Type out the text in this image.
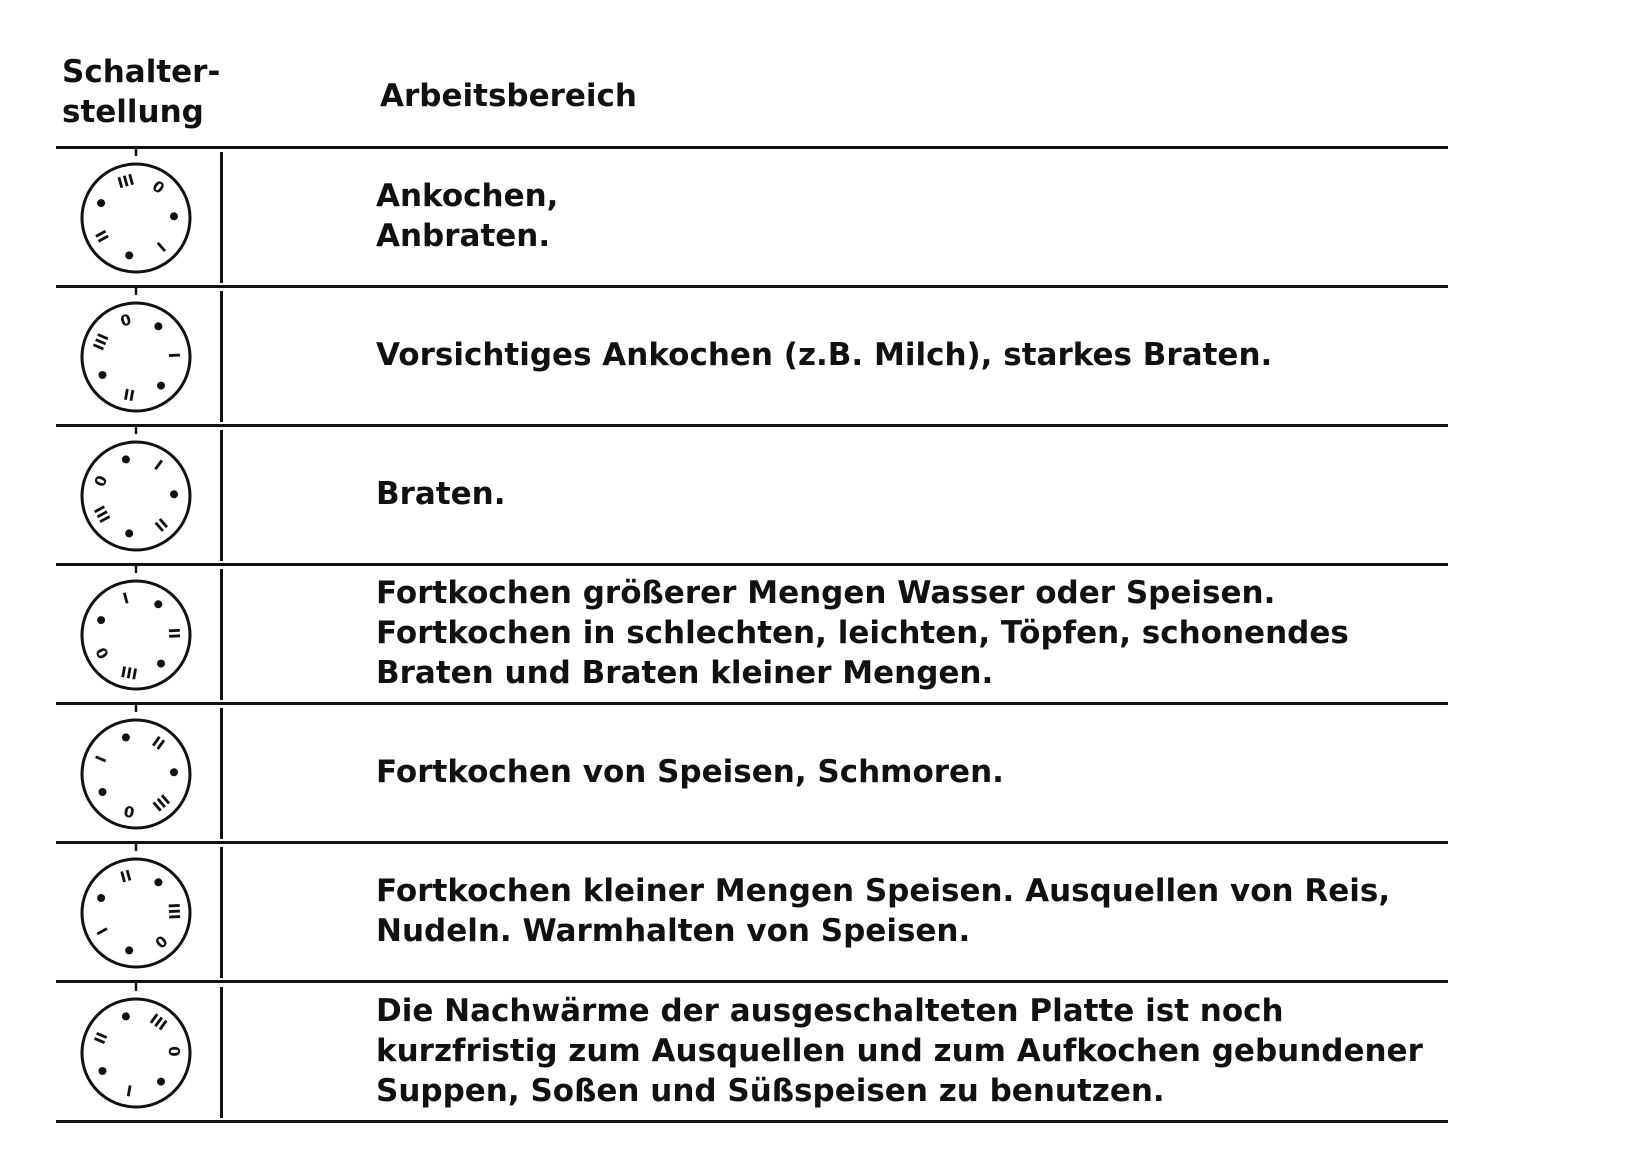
Schalter-
stellung	Arbeitsbereich
Ankochen,
Anbraten.
0
I
II
III
Vorsichtiges Ankochen (z.B. Milch), starkes Braten.
0
I
II
III
Braten.
0
I
II
III
Fortkochen größerer Mengen Wasser oder Speisen. Fortkochen in schlechten, leichten, Töpfen, schonendes Braten und Braten kleiner Mengen.
0
I
II
III
Fortkochen von Speisen, Schmoren.
0
I
II
III
Fortkochen kleiner Mengen Speisen. Ausquellen von Reis, Nudeln. Warmhalten von Speisen.
0
I
II
III
Die Nachwärme der ausgeschalteten Platte ist noch kurzfristig zum Ausquellen und zum Aufkochen gebundener Suppen, Soßen und Süßspeisen zu benutzen.
0
I
II
III
